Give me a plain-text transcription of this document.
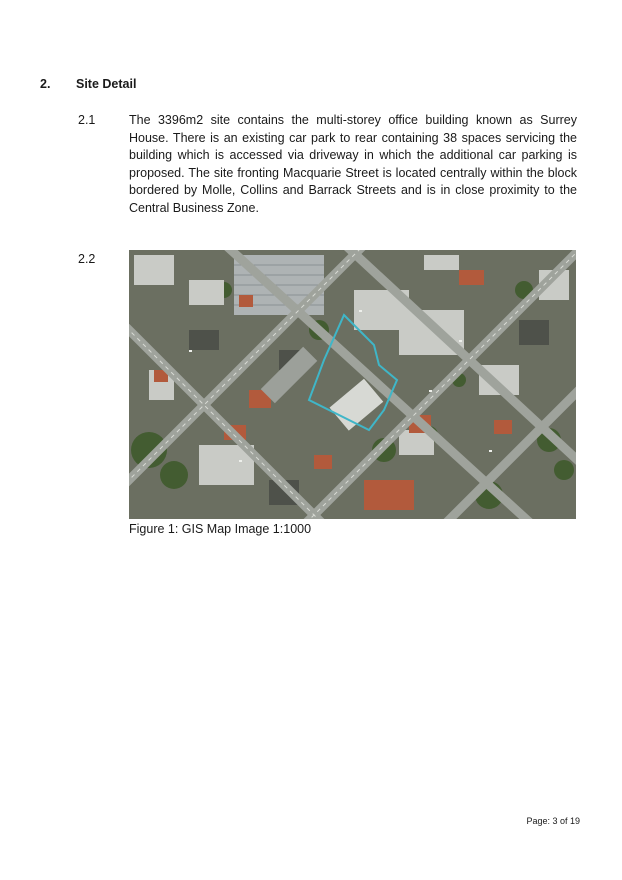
2. Site Detail
2.1	The 3396m2 site contains the multi-storey office building known as Surrey House. There is an existing car park to rear containing 38 spaces servicing the building which is accessed via driveway in which the additional car parking is proposed. The site fronting Macquarie Street is located centrally within the block bordered by Molle, Collins and Barrack Streets and is in close proximity to the Central Business Zone.
2.2
Figure 1: GIS Map Image 1:1000
Page: 3 of 19
